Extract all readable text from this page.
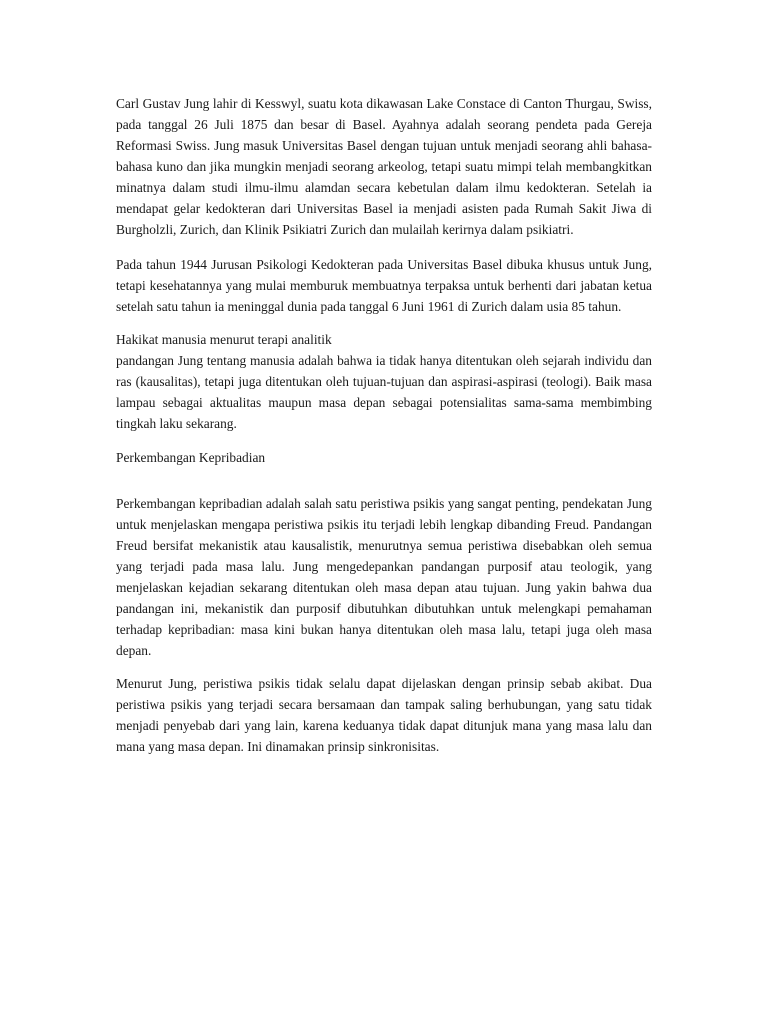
Carl Gustav Jung lahir di Kesswyl, suatu kota dikawasan Lake Constace di Canton Thurgau, Swiss, pada tanggal 26 Juli 1875 dan besar di Basel. Ayahnya adalah seorang pendeta pada Gereja Reformasi Swiss. Jung masuk Universitas Basel dengan tujuan untuk menjadi seorang ahli bahasa-bahasa kuno dan jika mungkin menjadi seorang arkeolog, tetapi suatu mimpi telah membangkitkan minatnya dalam studi ilmu-ilmu alamdan secara kebetulan dalam ilmu kedokteran. Setelah ia mendapat gelar kedokteran dari Universitas Basel ia menjadi asisten pada Rumah Sakit Jiwa di Burgholzli, Zurich, dan Klinik Psikiatri Zurich dan mulailah kerirnya dalam psikiatri.

Pada tahun 1944 Jurusan Psikologi Kedokteran pada Universitas Basel dibuka khusus untuk Jung, tetapi kesehatannya yang mulai memburuk membuatnya terpaksa untuk berhenti dari jabatan ketua setelah satu tahun ia meninggal dunia pada tanggal 6 Juni 1961 di Zurich dalam usia 85 tahun.

Hakikat manusia menurut terapi analitik

pandangan Jung tentang manusia adalah bahwa ia tidak hanya ditentukan oleh sejarah individu dan ras (kausalitas), tetapi juga ditentukan oleh tujuan-tujuan dan aspirasi-aspirasi (teologi). Baik masa lampau sebagai aktualitas maupun masa depan sebagai potensialitas sama-sama membimbing tingkah laku sekarang.

Perkembangan Kepribadian

Perkembangan kepribadian adalah salah satu peristiwa psikis yang sangat penting, pendekatan Jung untuk menjelaskan mengapa peristiwa psikis itu terjadi lebih lengkap dibanding Freud. Pandangan Freud bersifat mekanistik atau kausalistik, menurutnya semua peristiwa disebabkan oleh semua yang terjadi pada masa lalu. Jung mengedepankan pandangan purposif atau teologik, yang menjelaskan kejadian sekarang ditentukan oleh masa depan atau tujuan. Jung yakin bahwa dua pandangan ini, mekanistik dan purposif dibutuhkan dibutuhkan untuk melengkapi pemahaman terhadap kepribadian: masa kini bukan hanya ditentukan oleh masa lalu, tetapi juga oleh masa depan.

Menurut Jung, peristiwa psikis tidak selalu dapat dijelaskan dengan prinsip sebab akibat. Dua peristiwa psikis yang terjadi secara bersamaan dan tampak saling berhubungan, yang satu tidak menjadi penyebab dari yang lain, karena keduanya tidak dapat ditunjuk mana yang masa lalu dan mana yang masa depan. Ini dinamakan prinsip sinkronisitas.
